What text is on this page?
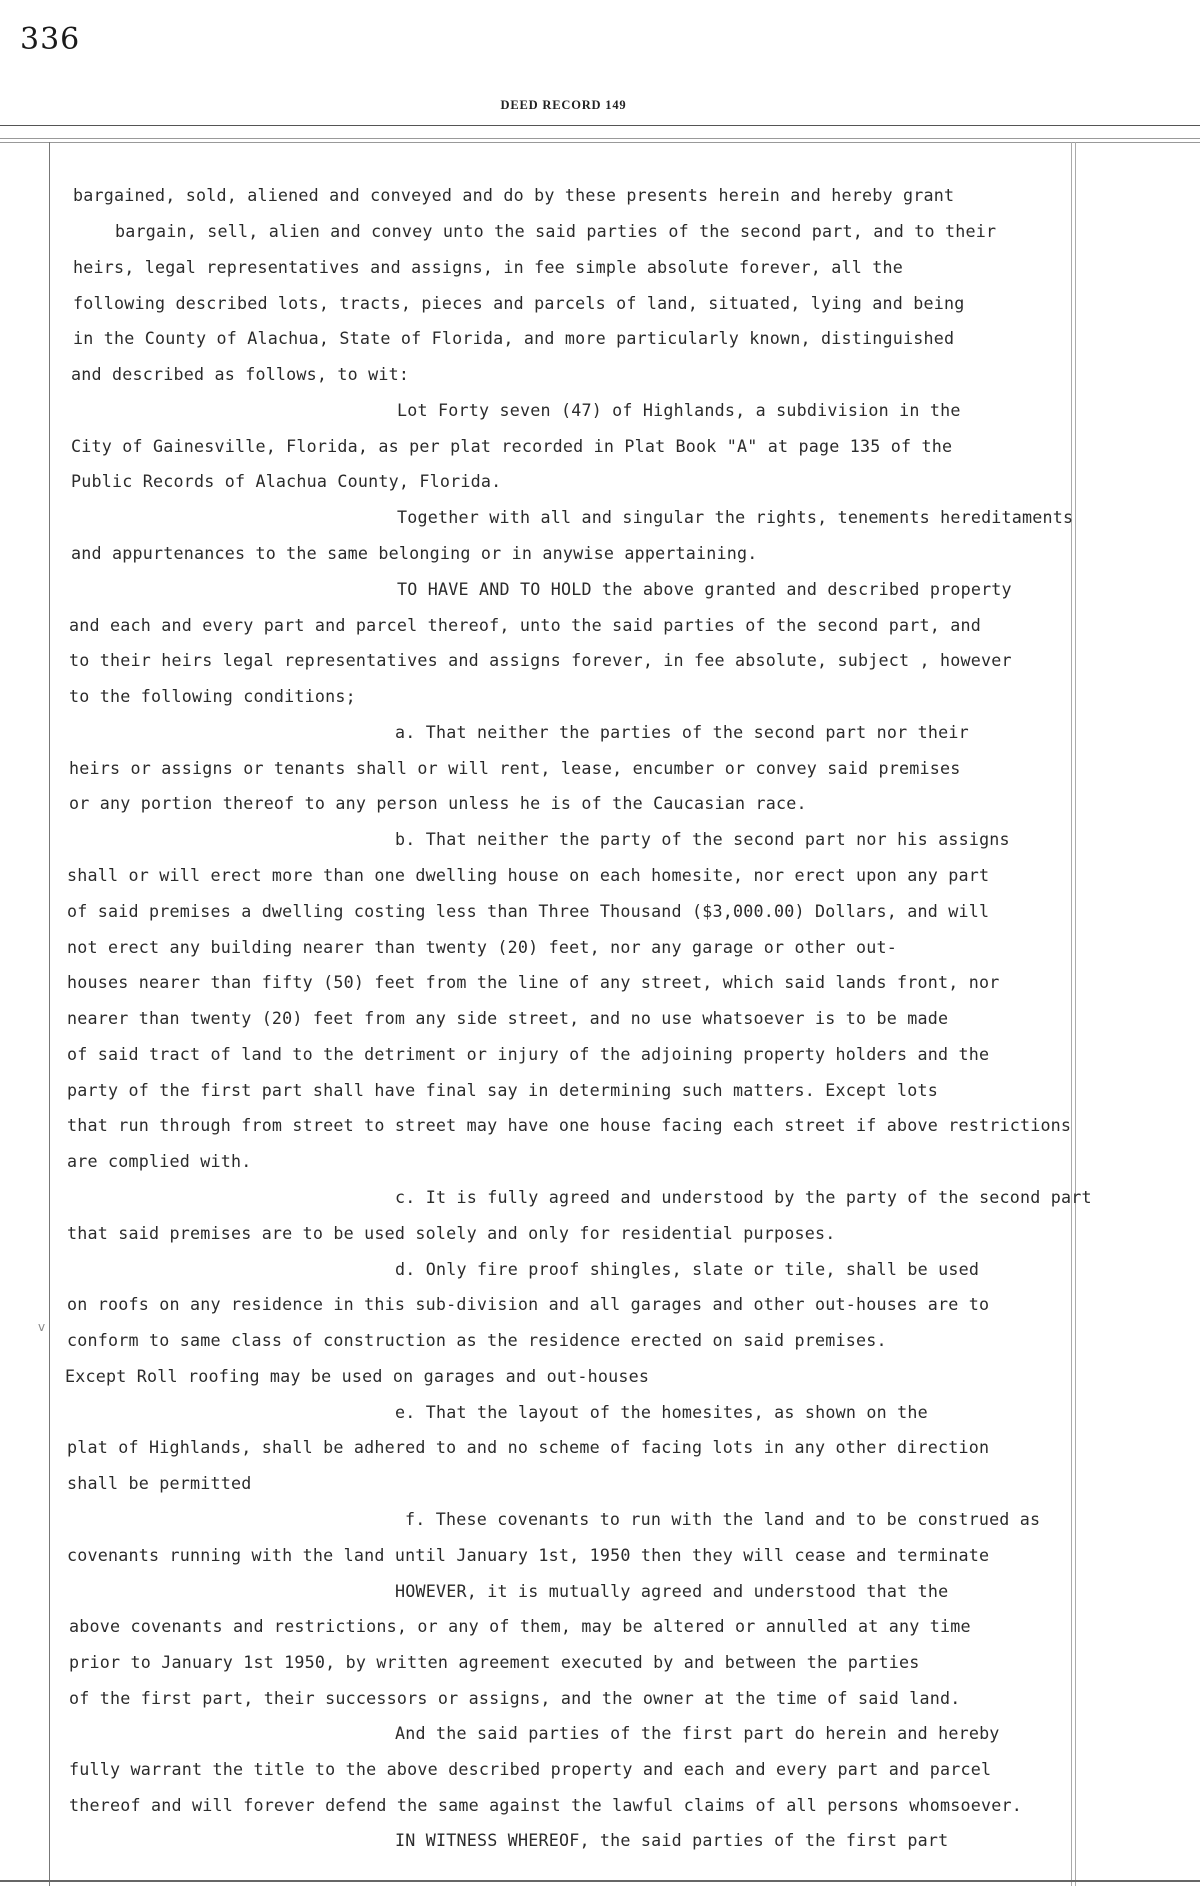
336
DEED RECORD 149
v
bargained, sold, aliened and conveyed and do by these presents herein and hereby grant
bargain, sell, alien and convey unto the said parties of the second part, and to their
heirs, legal representatives and assigns, in fee simple absolute forever, all the
following described lots, tracts, pieces and parcels of land, situated, lying and being
in the County of Alachua, State of Florida, and more particularly known, distinguished
and described as follows, to wit:
Lot Forty seven (47) of Highlands, a subdivision in the
City of Gainesville, Florida, as per plat recorded in Plat Book "A" at page 135 of the
Public Records of Alachua County, Florida.
Together with all and singular the rights, tenements hereditaments
and appurtenances to the same belonging or in anywise appertaining.
TO HAVE AND TO HOLD the above granted and described property
and each and every part and parcel thereof, unto the said parties of the second part, and
to their heirs legal representatives and assigns forever, in fee absolute, subject , however
to the following conditions;
a. That neither the parties of the second part nor their
heirs or assigns or tenants shall or will rent, lease, encumber or convey said premises
or any portion thereof to any person unless he is of the Caucasian race.
b. That neither the party of the second part nor his assigns
shall or will erect more than one dwelling house on each homesite, nor erect upon any part
of said premises a dwelling costing less than Three Thousand ($3,000.00) Dollars, and will
not erect any building nearer than twenty (20) feet, nor any garage or other out-
houses nearer than fifty (50) feet from the line of any street, which said lands front, nor
nearer than twenty (20) feet from any side street, and no use whatsoever is to be made
of said tract of land to the detriment or injury of the adjoining property holders and the
party of the first part shall have final say in determining such matters. Except lots
that run through from street to street may have one house facing each street if above restrictions
are complied with.
c. It is fully agreed and understood by the party of the second part
that said premises are to be used solely and only for residential purposes.
d. Only fire proof shingles, slate or tile, shall be used
on roofs on any residence in this sub-division and all garages and other out-houses are to
conform to same class of construction as the residence erected on said premises.
Except Roll roofing may be used on garages and out-houses
e. That the layout of the homesites, as shown on the
plat of Highlands, shall be adhered to and no scheme of facing lots in any other direction
shall be permitted
f. These covenants to run with the land and to be construed as
covenants running with the land until January 1st, 1950 then they will cease and terminate
HOWEVER, it is mutually agreed and understood that the
above covenants and restrictions, or any of them, may be altered or annulled at any time
prior to January 1st 1950, by written agreement executed by and between the parties
of the first part, their successors or assigns, and the owner at the time of said land.
And the said parties of the first part do herein and hereby
fully warrant the title to the above described property and each and every part and parcel
thereof and will forever defend the same against the lawful claims of all persons whomsoever.
IN WITNESS WHEREOF, the said parties of the first part
